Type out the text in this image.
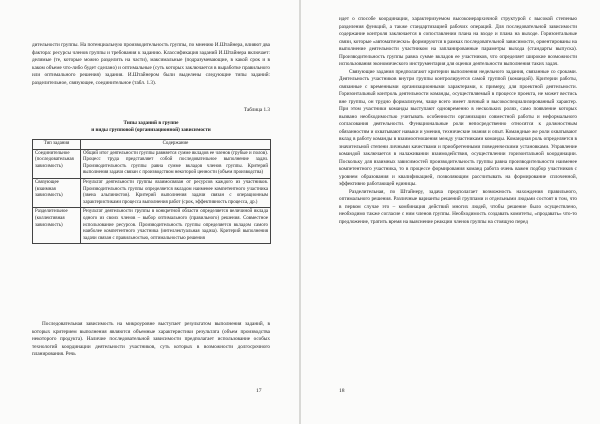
дительности группы. На потенциальную производительность группы, по мнению И.Штайнера, влияют два фактора: ресурсы членов группы и требования к заданию. Классификация заданий И.Штайнера включает: делимые (те, которые можно разделить на части), максимальные (подразумевающие, в какой срок и в каком объеме что-либо будет сделано) и оптимальные (суть которых заключается в выработке правильного или оптимального решения) задания. И.Штайнером были выделены следующие типы заданий: разделительное, связующее, соединительное (табл. 1.3).

Таблица 1.3
Типы заданий в группе
и виды групповой (организационной) зависимости
Тип задания	Содержание
Соединительное (последовательная зависимость)	Общий итог деятельности группы равняется сумме вкладов ее членов (грубые и полов). Процесс труда представляет собой последовательное выполнение задач. Производительность группы равна сумме вкладов членов группы. Критерий выполнения задачи связан с производством некоторой ценности (объем производства)
Связующее (взаимная зависимость)	Результат деятельности группы взаимосвязан от ресурсов каждого из участников. Производительность группы определяется вкладом наименее компетентного участника (звена альпинистов). Критерий выполнения задачи связан с операционным характеристиками процесса выполнения работ (срок, эффективность процесса, др.)
Разделительное (коллективная зависимость)	Результат деятельности группы в конкретной области определяется величиной вклада одного из своих членов – выбор оптимального (правильного) решения. Совместное использование ресурсов. Производительность группы определяется вкладом самого наиболее компетентного участника (интеллектуальная задача). Критерий выполнения задачи связан с правильностью, оптимальностью решения

Последовательная зависимость на микроуровне выступает результатом выполнения заданий, в которых критерием выполнения являются объемные характеристики результата (объем производства некоторого продукта). Наличие последовательной зависимости предполагает использование особых технологий координации деятельности участников, суть которых в возможности долгосрочного планирования. Речь

17

идет о способе координации, характеризуемом высокоиерархичной структурой с высокой степенью разделения функций, а также стандартизацией рабочих операций. Для последовательной зависимости содержание контроля заключается в сопоставлении плана на входе и плана на выходе. Горизонтальные связи, которые «автоматически» формируются в рамках последовательной зависимости, ориентированы на выполнение деятельности участником на запланированные параметры выхода (стандарты выпуска). Производительность группы равна сумме вкладов ее участников, что определяет широкие возможности использования экономического инструментария для оценки деятельности выполнения таких задач.

Связующие задания предполагают критерии выполнения недельного задания, связанные со сроками. Деятельность участников внутри группы контролируется самой группой (командой). Критерии работы, связанные с временными организационными характерами, к примеру, для проектной деятельности. Горизонтальный контроль деятельности команды, осуществляемый в процессе проекта, не может вестись вне группы, он трудно формализуем, чаще всего имеет личный и высокоспециализированный характер. При этом участники команды выступают одновременно в нескольких ролях, само появление которых вызвано необходимостью учитывать особенности организации совместной работы и неформального согласования деятельности. Функциональные роли непосредственно относятся к должностным обязанностям и охватывают навыки и умения, технические знания и опыт. Командные же роли охватывают вклад в работу команды в взаимоотношения между участниками команды. Командная роль определяется в значительной степени личными качествами и приобретенными поведенческими установками. Управление командой заключается в налаживании взаимодействия, осуществлении горизонтальной координации. Поскольку для взаимных зависимостей производительность группы равна производительности наименее компетентного участника, то в процессе формирования команд работа очень важен подбор участников с уровнем образования и квалификацией, позволяющим рассчитывать на формирование сплоченной, эффективно работающей единицы.

Разделительная, по Штайнеру, задача предполагает возможность нахождения правильного, оптимального решения. Различные варианты решений группами и отдельными людьми состоят в том, что в первом случае это – комбинация действий многих людей, чтобы решение было осуществлено, необходимо также согласие с ним членов группы. Необходимость создавать комитеты, «продавать» что-то предложение, тратить время на выяснение реакции членов группы на стоящую перед

18
